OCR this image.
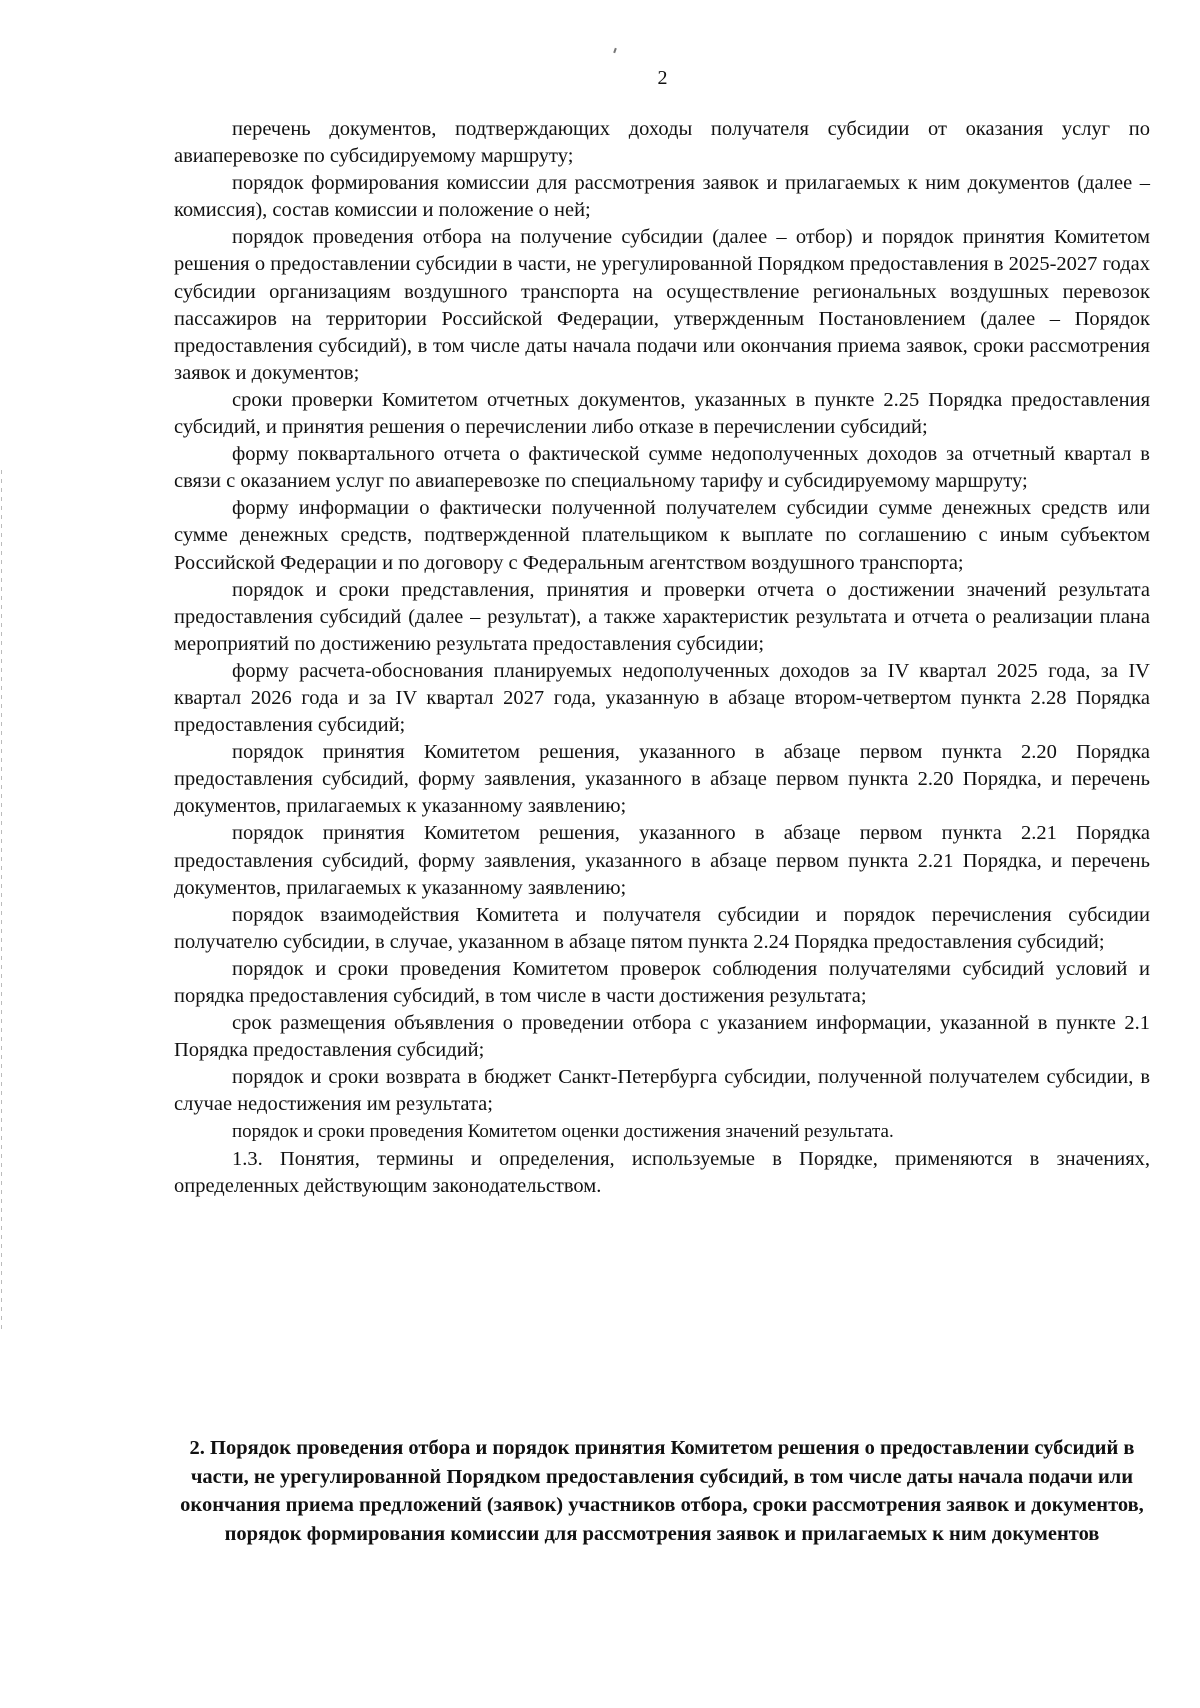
2

перечень документов, подтверждающих доходы получателя субсидии от оказания услуг по авиаперевозке по субсидируемому маршруту;

порядок формирования комиссии для рассмотрения заявок и прилагаемых к ним документов (далее – комиссия), состав комиссии и положение о ней;

порядок проведения отбора на получение субсидии (далее – отбор) и порядок принятия Комитетом решения о предоставлении субсидии в части, не урегулированной Порядком предоставления в 2025-2027 годах субсидии организациям воздушного транспорта на осуществление региональных воздушных перевозок пассажиров на территории Российской Федерации, утвержденным Постановлением (далее – Порядок предоставления субсидий), в том числе даты начала подачи или окончания приема заявок, сроки рассмотрения заявок и документов;

сроки проверки Комитетом отчетных документов, указанных в пункте 2.25 Порядка предоставления субсидий, и принятия решения о перечислении либо отказе в перечислении субсидий;

форму поквартального отчета о фактической сумме недополученных доходов за отчетный квартал в связи с оказанием услуг по авиаперевозке по специальному тарифу и субсидируемому маршруту;

форму информации о фактически полученной получателем субсидии сумме денежных средств или сумме денежных средств, подтвержденной плательщиком к выплате по соглашению с иным субъектом Российской Федерации и по договору с Федеральным агентством воздушного транспорта;

порядок и сроки представления, принятия и проверки отчета о достижении значений результата предоставления субсидий (далее – результат), а также характеристик результата и отчета о реализации плана мероприятий по достижению результата предоставления субсидии;

форму расчета-обоснования планируемых недополученных доходов за IV квартал 2025 года, за IV квартал 2026 года и за IV квартал 2027 года, указанную в абзаце втором-четвертом пункта 2.28 Порядка предоставления субсидий;

порядок принятия Комитетом решения, указанного в абзаце первом пункта 2.20 Порядка предоставления субсидий, форму заявления, указанного в абзаце первом пункта 2.20 Порядка, и перечень документов, прилагаемых к указанному заявлению;

порядок принятия Комитетом решения, указанного в абзаце первом пункта 2.21 Порядка предоставления субсидий, форму заявления, указанного в абзаце первом пункта 2.21 Порядка, и перечень документов, прилагаемых к указанному заявлению;

порядок взаимодействия Комитета и получателя субсидии и порядок перечисления субсидии получателю субсидии, в случае, указанном в абзаце пятом пункта 2.24 Порядка предоставления субсидий;

порядок и сроки проведения Комитетом проверок соблюдения получателями субсидий условий и порядка предоставления субсидий, в том числе в части достижения результата;

срок размещения объявления о проведении отбора с указанием информации, указанной в пункте 2.1 Порядка предоставления субсидий;

порядок и сроки возврата в бюджет Санкт-Петербурга субсидии, полученной получателем субсидии, в случае недостижения им результата;

порядок и сроки проведения Комитетом оценки достижения значений результата.

1.3. Понятия, термины и определения, используемые в Порядке, применяются в значениях, определенных действующим законодательством.

2. Порядок проведения отбора и порядок принятия Комитетом решения о предоставлении субсидий в части, не урегулированной Порядком предоставления субсидий, в том числе даты начала подачи или окончания приема предложений (заявок) участников отбора, сроки рассмотрения заявок и документов, порядок формирования комиссии для рассмотрения заявок и прилагаемых к ним документов
